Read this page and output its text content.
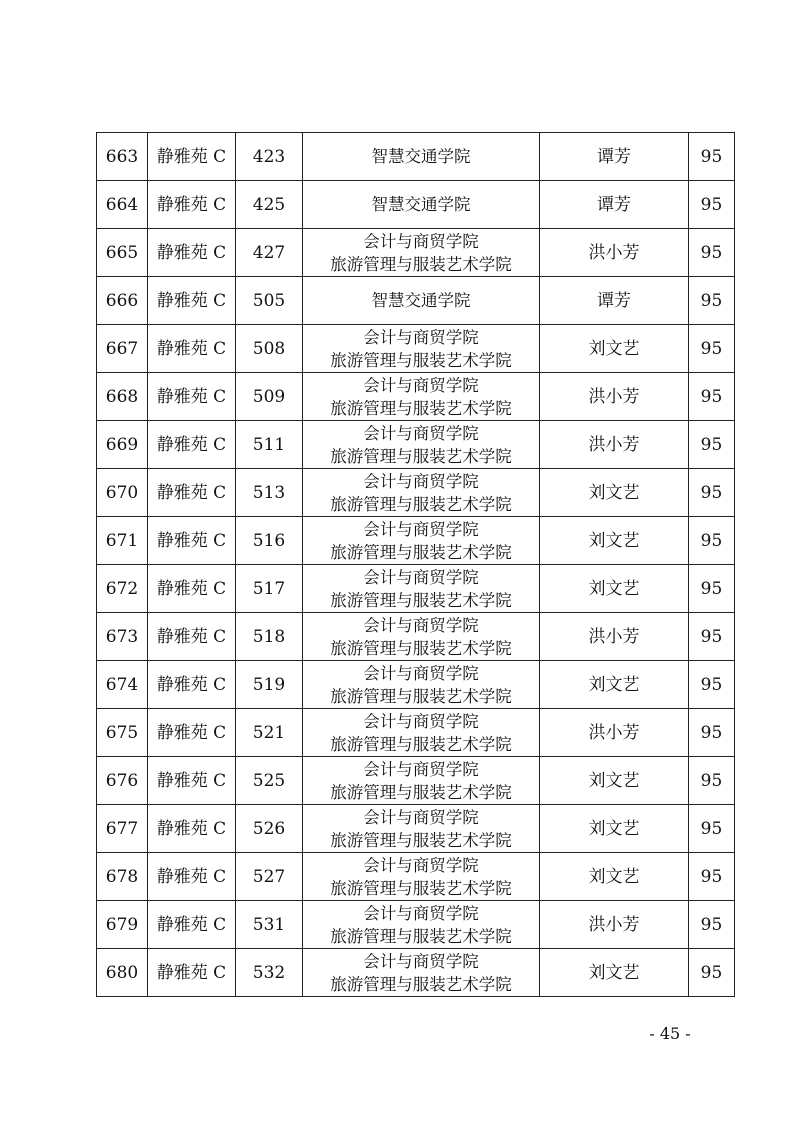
663	静雅苑 C	423	智慧交通学院	谭芳	95
664	静雅苑 C	425	智慧交通学院	谭芳	95
665	静雅苑 C	427	会计与商贸学院
旅游管理与服装艺术学院	洪小芳	95
666	静雅苑 C	505	智慧交通学院	谭芳	95
667	静雅苑 C	508	会计与商贸学院
旅游管理与服装艺术学院	刘文艺	95
668	静雅苑 C	509	会计与商贸学院
旅游管理与服装艺术学院	洪小芳	95
669	静雅苑 C	511	会计与商贸学院
旅游管理与服装艺术学院	洪小芳	95
670	静雅苑 C	513	会计与商贸学院
旅游管理与服装艺术学院	刘文艺	95
671	静雅苑 C	516	会计与商贸学院
旅游管理与服装艺术学院	刘文艺	95
672	静雅苑 C	517	会计与商贸学院
旅游管理与服装艺术学院	刘文艺	95
673	静雅苑 C	518	会计与商贸学院
旅游管理与服装艺术学院	洪小芳	95
674	静雅苑 C	519	会计与商贸学院
旅游管理与服装艺术学院	刘文艺	95
675	静雅苑 C	521	会计与商贸学院
旅游管理与服装艺术学院	洪小芳	95
676	静雅苑 C	525	会计与商贸学院
旅游管理与服装艺术学院	刘文艺	95
677	静雅苑 C	526	会计与商贸学院
旅游管理与服装艺术学院	刘文艺	95
678	静雅苑 C	527	会计与商贸学院
旅游管理与服装艺术学院	刘文艺	95
679	静雅苑 C	531	会计与商贸学院
旅游管理与服装艺术学院	洪小芳	95
680	静雅苑 C	532	会计与商贸学院
旅游管理与服装艺术学院	刘文艺	95
- 45 -
